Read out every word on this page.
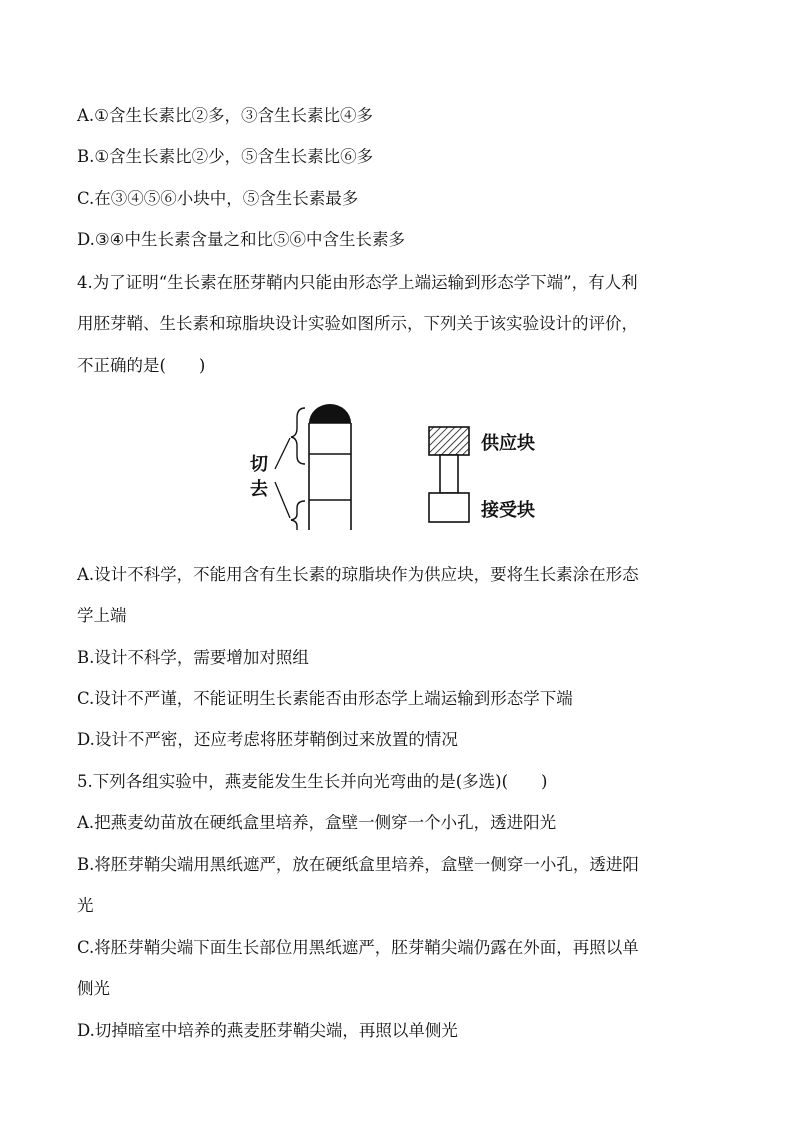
A.①含生长素比②多，③含生长素比④多
B.①含生长素比②少，⑤含生长素比⑥多
C.在③④⑤⑥小块中，⑤含生长素最多
D.③④中生长素含量之和比⑤⑥中含生长素多
4.为了证明“生长素在胚芽鞘内只能由形态学上端运输到形态学下端”，有人利
用胚芽鞘、生长素和琼脂块设计实验如图所示，下列关于该实验设计的评价，
不正确的是(　　)
切
去
供应块
接受块
A.设计不科学，不能用含有生长素的琼脂块作为供应块，要将生长素涂在形态
学上端
B.设计不科学，需要增加对照组
C.设计不严谨，不能证明生长素能否由形态学上端运输到形态学下端
D.设计不严密，还应考虑将胚芽鞘倒过来放置的情况
5.下列各组实验中，燕麦能发生生长并向光弯曲的是(多选)(　　)
A.把燕麦幼苗放在硬纸盒里培养，盒壁一侧穿一个小孔，透进阳光
B.将胚芽鞘尖端用黑纸遮严，放在硬纸盒里培养，盒壁一侧穿一小孔，透进阳
光
C.将胚芽鞘尖端下面生长部位用黑纸遮严，胚芽鞘尖端仍露在外面，再照以单
侧光
D.切掉暗室中培养的燕麦胚芽鞘尖端，再照以单侧光
